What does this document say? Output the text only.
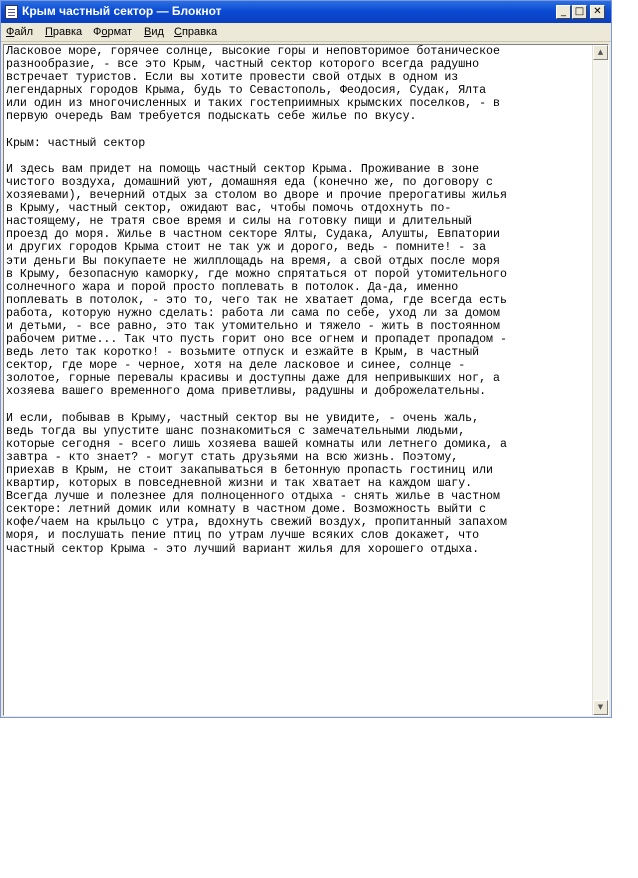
Крым частный сектор — Блокнот	_ □ ✕
Файл Правка Формат Вид Справка
Ласковое море, горячее солнце, высокие горы и неповторимое ботаническое
разнообразие, - все это Крым, частный сектор которого всегда радушно
встречает туристов. Если вы хотите провести свой отдых в одном из
легендарных городов Крыма, будь то Севастополь, Феодосия, Судак, Ялта
или один из многочисленных и таких гостеприимных крымских поселков, - в
первую очередь Вам требуется подыскать себе жилье по вкусу.

Крым: частный сектор

И здесь вам придет на помощь частный сектор Крыма. Проживание в зоне
чистого воздуха, домашний уют, домашняя еда (конечно же, по договору с
хозяевами), вечерний отдых за столом во дворе и прочие прерогативы жилья
в Крыму, частный сектор, ожидают вас, чтобы помочь отдохнуть по-
настоящему, не тратя свое время и силы на готовку пищи и длительный
проезд до моря. Жилье в частном секторе Ялты, Судака, Алушты, Евпатории
и других городов Крыма стоит не так уж и дорого, ведь - помните! - за
эти деньги Вы покупаете не жилплощадь на время, а свой отдых после моря
в Крыму, безопасную каморку, где можно спрятаться от порой утомительного
солнечного жара и порой просто поплевать в потолок. Да-да, именно
поплевать в потолок, - это то, чего так не хватает дома, где всегда есть
работа, которую нужно сделать: работа ли сама по себе, уход ли за домом
и детьми, - все равно, это так утомительно и тяжело - жить в постоянном
рабочем ритме... Так что пусть горит оно все огнем и пропадет пропадом -
ведь лето так коротко! - возьмите отпуск и езжайте в Крым, в частный
сектор, где море - черное, хотя на деле ласковое и синее, солнце -
золотое, горные перевалы красивы и доступны даже для непривыкших ног, а
хозяева вашего временного дома приветливы, радушны и доброжелательны.

И если, побывав в Крыму, частный сектор вы не увидите, - очень жаль,
ведь тогда вы упустите шанс познакомиться с замечательными людьми,
которые сегодня - всего лишь хозяева вашей комнаты или летнего домика, а
завтра - кто знает? - могут стать друзьями на всю жизнь. Поэтому,
приехав в Крым, не стоит закапываться в бетонную пропасть гостиниц или
квартир, которых в повседневной жизни и так хватает на каждом шагу.
Всегда лучше и полезнее для полноценного отдыха - снять жилье в частном
секторе: летний домик или комнату в частном доме. Возможность выйти с
кофе/чаем на крыльцо с утра, вдохнуть свежий воздух, пропитанный запахом
моря, и послушать пение птиц по утрам лучше всяких слов докажет, что
частный сектор Крыма - это лучший вариант жилья для хорошего отдыха.
▲
▼
